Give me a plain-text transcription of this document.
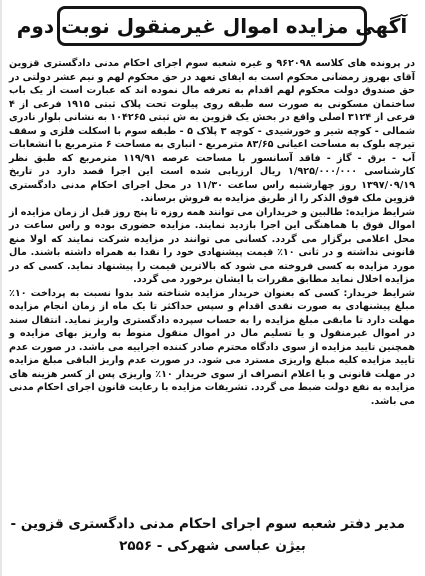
آگهی مزایده اموال غیرمنقول نوبت دوم

در پرونده های کلاسه ۹۶۲۰۹۸ و غیره شعبه سوم اجرای احکام مدنی دادگستری قزوین آقای بهروز رمضانی محکوم است به ایفای تعهد در حق محکوم لهم و نیم عشر دولتی در حق صندوق دولت محکوم لهم اقدام به تعرفه مال نموده اند که عبارت است از یک باب ساختمان مسکونی به صورت سه طبقه روی پیلوت تحت پلاک ثبتی ۱۹۱۵ فرعی از ۴ فرعی از ۳۱۲۴ اصلی واقع در بخش یک قزوین به ش ثبتی ۱۰۴۲۶۵ به نشانی بلوار نادری شمالی - کوچه شیر و خورشیدی - کوچه ۳ پلاک ۵ - طبقه سوم با اسکلت فلزی و سقف تیرچه بلوک به مساحت اعیانی ۸۳/۶۵ مترمربع - انباری به مساحت ۶ مترمربع با انشعابات آب - برق - گاز - فاقد آسانسور با مساحت عرصه ۱۱۹/۹۱ مترمربع که طبق نظر کارشناسی ۱/۹۲۵/۰۰۰/۰۰۰ ریال ارزیابی شده است این اجرا قصد دارد در تاریخ ۱۳۹۷/۰۹/۱۹ روز چهارشنبه راس ساعت ۱۱/۳۰ در محل اجرای احکام مدنی دادگستری قزوین ملک فوق الذکر را از طریق مزایده به فروش برساند.

شرایط مزایده: طالبین و خریداران می توانند همه روزه تا پنج روز قبل از زمان مزایده از اموال فوق با هماهنگی این اجرا بازدید نمایند. مزایده حضوری بوده و راس ساعت در محل اعلامی برگزار می گردد. کسانی می توانند در مزایده شرکت نمایند که اولا منع قانونی نداشته و در ثانی ۱۰٪ قیمت پیشنهادی خود را نقدا به همراه داشته باشند. مال مورد مزایده به کسی فروخته می شود که بالاترین قیمت را پیشنهاد نماید. کسی که در مزایده اخلال نماید مطابق مقررات با ایشان برخورد می گردد.

شرایط خریدار: کسی که بعنوان خریدار مزایده شناخته شد بدوا نسبت به پرداخت ۱۰٪ مبلغ پیشنهادی به صورت نقدی اقدام و سپس حداکثر تا یک ماه از زمان انجام مزایده مهلت دارد تا مابقی مبلغ مزایده را به حساب سپرده دادگستری واریز نماید. انتقال سند در اموال غیرمنقول و یا تسلیم مال در اموال منقول منوط به واریز بهای مزایده و همچنین تایید مزایده از سوی دادگاه محترم صادر کننده اجراییه می باشد. در صورت عدم تایید مزایده کلیه مبلغ واریزی مسترد می شود. در صورت عدم واریز الباقی مبلغ مزایده در مهلت قانونی و یا اعلام انصراف از سوی خریدار ۱۰٪ واریزی پس از کسر هزینه های مزایده به نفع دولت ضبط می گردد. تشریفات مزایده با رعایت قانون اجرای احکام مدنی می باشد.

مدیر دفتر شعبه سوم اجرای احکام مدنی دادگستری قزوین -
بیژن عباسی شهرکی - ۲۵۵۶
